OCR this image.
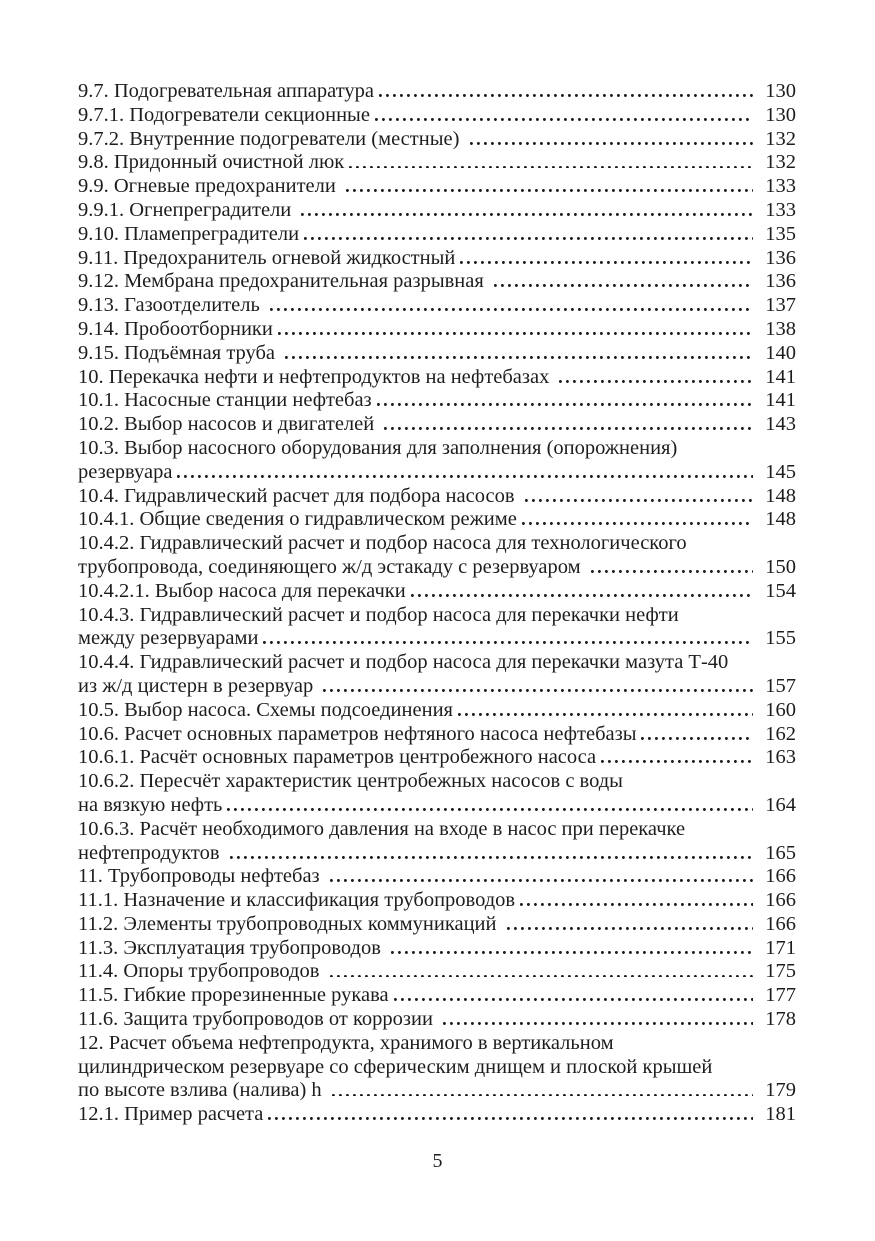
9.7. Подогревательная аппаратура	130
9.7.1. Подогреватели секционные	130
9.7.2. Внутренние подогреватели (местные)	132
9.8. Придонный очистной люк	132
9.9. Огневые предохранители	133
9.9.1. Огнепреградители	133
9.10. Пламепреградители	135
9.11. Предохранитель огневой жидкостный	136
9.12. Мембрана предохранительная разрывная	136
9.13. Газоотделитель	137
9.14. Пробоотборники	138
9.15. Подъёмная труба	140
10. Перекачка нефти и нефтепродуктов на нефтебазах	141
10.1. Насосные станции нефтебаз	141
10.2. Выбор насосов и двигателей	143
10.3. Выбор насосного оборудования для заполнения (опорожнения)
резервуара	145
10.4. Гидравлический расчет для подбора насосов	148
10.4.1. Общие сведения о гидравлическом режиме	148
10.4.2. Гидравлический расчет и подбор насоса для технологического
трубопровода, соединяющего ж/д эстакаду с резервуаром	150
10.4.2.1. Выбор насоса для перекачки	154
10.4.3. Гидравлический расчет и подбор насоса для перекачки нефти
между резервуарами	155
10.4.4. Гидравлический расчет и подбор насоса для перекачки мазута Т-40
из ж/д цистерн в резервуар	157
10.5. Выбор насоса. Схемы подсоединения	160
10.6. Расчет основных параметров нефтяного насоса нефтебазы	162
10.6.1. Расчёт основных параметров центробежного насоса	163
10.6.2. Пересчёт характеристик центробежных насосов с воды
на вязкую нефть	164
10.6.3. Расчёт необходимого давления на входе в насос при перекачке
нефтепродуктов	165
11. Трубопроводы нефтебаз	166
11.1. Назначение и классификация трубопроводов	166
11.2. Элементы трубопроводных коммуникаций	166
11.3. Эксплуатация трубопроводов	171
11.4. Опоры трубопроводов	175
11.5. Гибкие прорезиненные рукава	177
11.6. Защита трубопроводов от коррозии	178
12. Расчет объема нефтепродукта, хранимого в вертикальном
цилиндрическом резервуаре со сферическим днищем и плоской крышей
по высоте взлива (налива) h	179
12.1. Пример расчета	181
5
